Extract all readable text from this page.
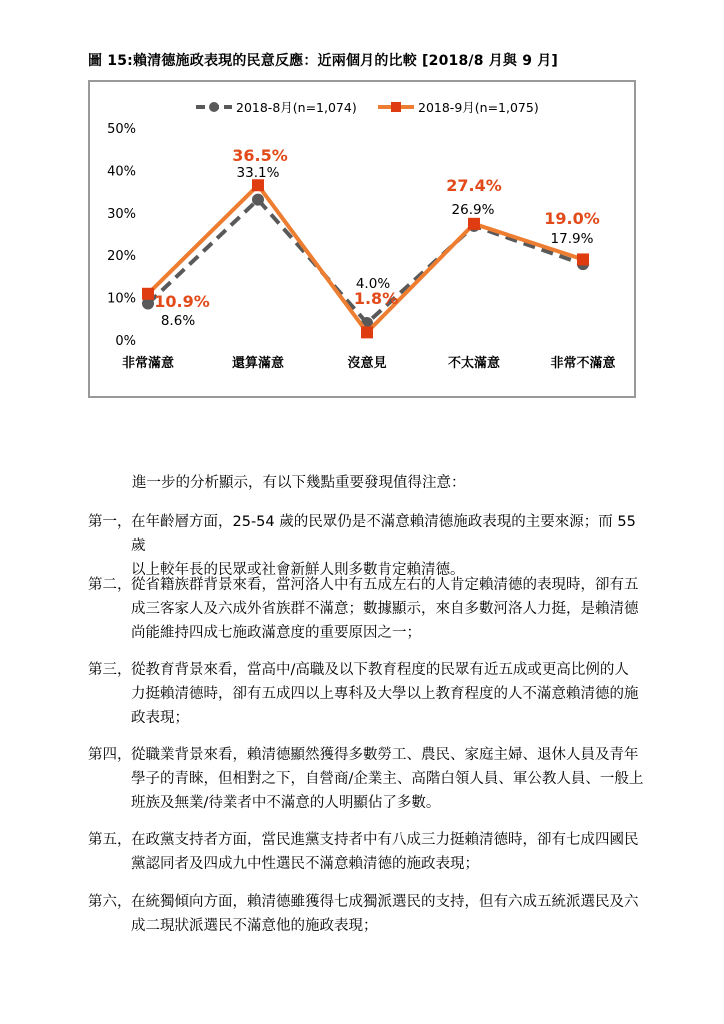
圖 15:賴清德施政表現的民意反應：近兩個月的比較 [2018/8 月與 9 月]
0%
10%
20%
30%
40%
50%
非常滿意	還算滿意	沒意見	不太滿意	非常不滿意
2018-8月(n=1,074)	2018-9月(n=1,075)
8.6%
33.1%
4.0%
26.9%
17.9%
10.9%
36.5%
1.8%
27.4%
19.0%
進一步的分析顯示，有以下幾點重要發現值得注意：
第一， 在年齡層方面，25-54 歲的民眾仍是不滿意賴清德施政表現的主要來源；而 55 歲
以上較年長的民眾或社會新鮮人則多數肯定賴清德。
第二， 從省籍族群背景來看，當河洛人中有五成左右的人肯定賴清德的表現時，卻有五
成三客家人及六成外省族群不滿意；數據顯示，來自多數河洛人力挺，是賴清德
尚能維持四成七施政滿意度的重要原因之一；
第三， 從教育背景來看，當高中/高職及以下教育程度的民眾有近五成或更高比例的人
力挺賴清德時，卻有五成四以上專科及大學以上教育程度的人不滿意賴清德的施
政表現；
第四， 從職業背景來看，賴清德顯然獲得多數勞工、農民、家庭主婦、退休人員及青年
學子的青睞，但相對之下，自營商/企業主、高階白領人員、軍公教人員、一般上
班族及無業/待業者中不滿意的人明顯佔了多數。
第五， 在政黨支持者方面，當民進黨支持者中有八成三力挺賴清德時，卻有七成四國民
黨認同者及四成九中性選民不滿意賴清德的施政表現；
第六， 在統獨傾向方面，賴清德雖獲得七成獨派選民的支持，但有六成五統派選民及六
成二現狀派選民不滿意他的施政表現；
